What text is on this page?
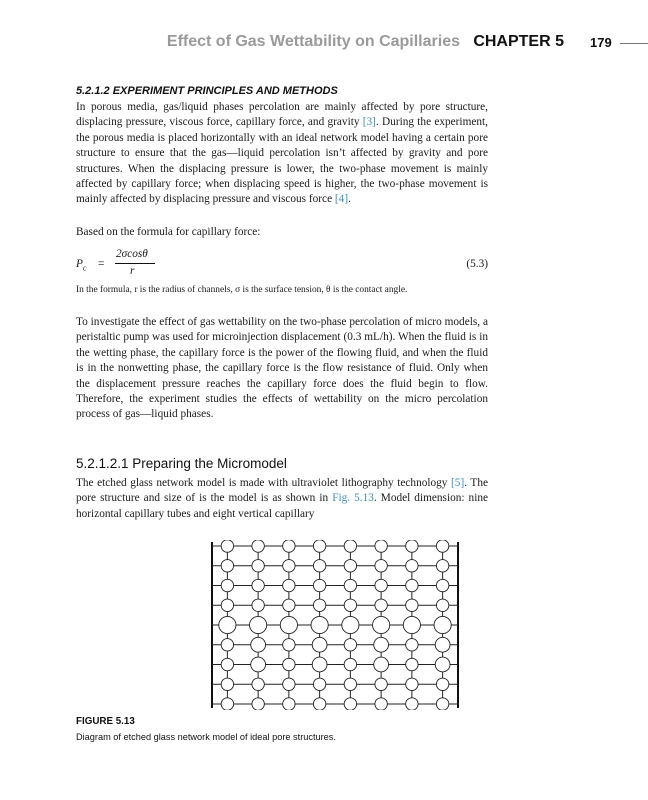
Effect of Gas Wettability on Capillaries CHAPTER 5 179
5.2.1.2 EXPERIMENT PRINCIPLES AND METHODS

In porous media, gas/liquid phases percolation are mainly affected by pore structure, displacing pressure, viscous force, capillary force, and gravity [3]. During the experiment, the porous media is placed horizontally with an ideal network model having a certain pore structure to ensure that the gas—liquid percolation isn’t affected by gravity and pore structures. When the displacing pressure is lower, the two-phase movement is mainly affected by capillary force; when displacing speed is higher, the two-phase movement is mainly affected by displacing pressure and viscous force [4].

Based on the formula for capillary force:

$P_c$ =
2σcosθ
r
(5.3)
In the formula, r is the radius of channels, σ is the surface tension, θ is the contact angle.

To investigate the effect of gas wettability on the two-phase percolation of micro models, a peristaltic pump was used for microinjection displacement (0.3 mL/h). When the fluid is in the wetting phase, the capillary force is the power of the flowing fluid, and when the fluid is in the nonwetting phase, the capillary force is the flow resistance of fluid. Only when the displacement pressure reaches the capillary force does the fluid begin to flow. Therefore, the experiment studies the effects of wettability on the micro percolation process of gas—liquid phases.

5.2.1.2.1 Preparing the Micromodel

The etched glass network model is made with ultraviolet lithography technology [5]. The pore structure and size of is the model is as shown in Fig. 5.13. Model dimension: nine horizontal capillary tubes and eight vertical capillary

FIGURE 5.13
Diagram of etched glass network model of ideal pore structures.
